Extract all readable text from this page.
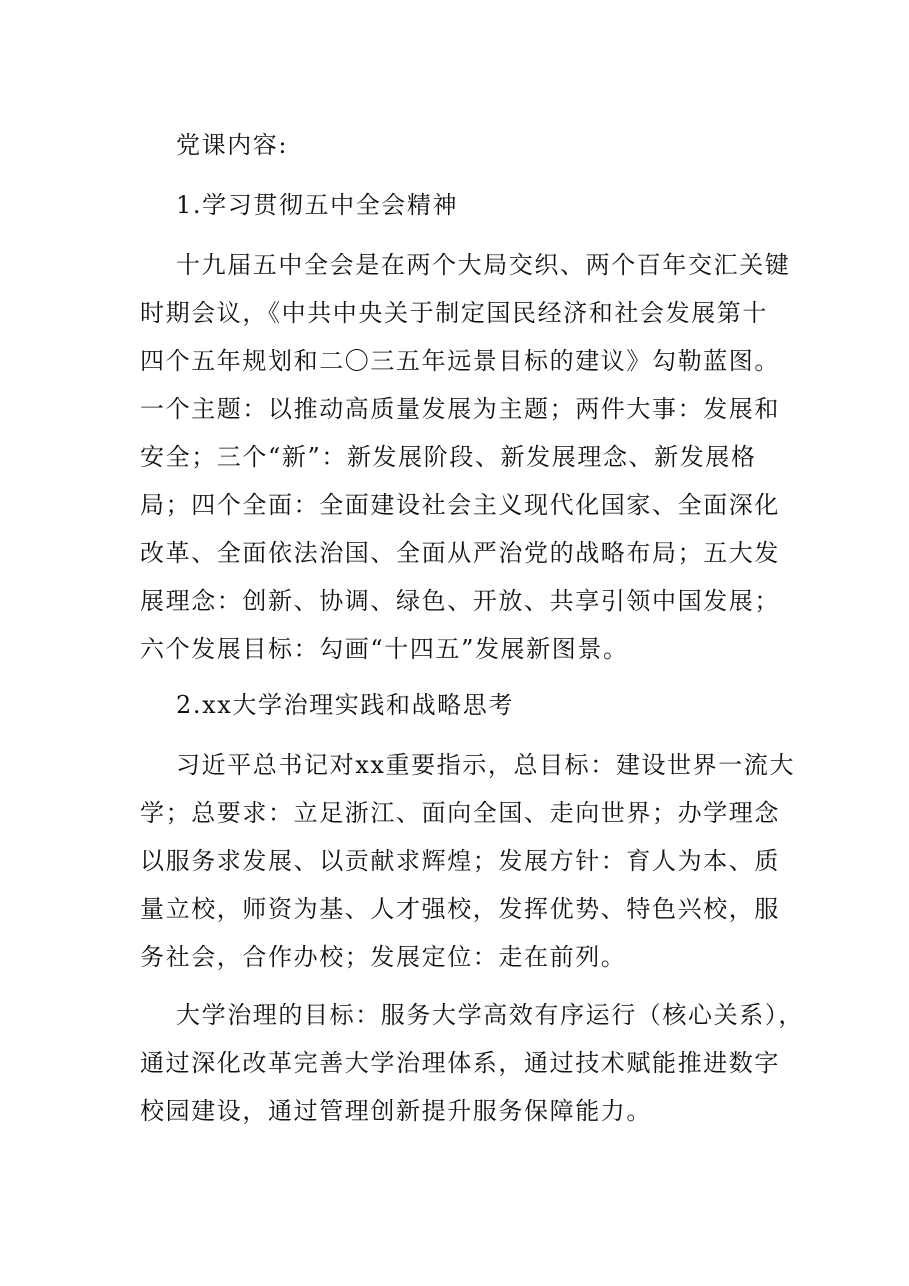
党课内容:
1.学习贯彻五中全会精神
十九届五中全会是在两个大局交织、两个百年交汇关键
时期会议，《中共中央关于制定国民经济和社会发展第十
四个五年规划和二〇三五年远景目标的建议》勾勒蓝图。
一个主题：以推动高质量发展为主题；两件大事：发展和
安全；三个“新”：新发展阶段、新发展理念、新发展格
局；四个全面：全面建设社会主义现代化国家、全面深化
改革、全面依法治国、全面从严治党的战略布局；五大发
展理念：创新、协调、绿色、开放、共享引领中国发展；
六个发展目标：勾画“十四五”发展新图景。
2.xx大学治理实践和战略思考
习近平总书记对xx重要指示，总目标：建设世界一流大
学；总要求：立足浙江、面向全国、走向世界；办学理念
以服务求发展、以贡献求辉煌；发展方针：育人为本、质
量立校，师资为基、人才强校，发挥优势、特色兴校，服
务社会，合作办校；发展定位：走在前列。
大学治理的目标：服务大学高效有序运行（核心关系），
通过深化改革完善大学治理体系，通过技术赋能推进数字
校园建设，通过管理创新提升服务保障能力。
